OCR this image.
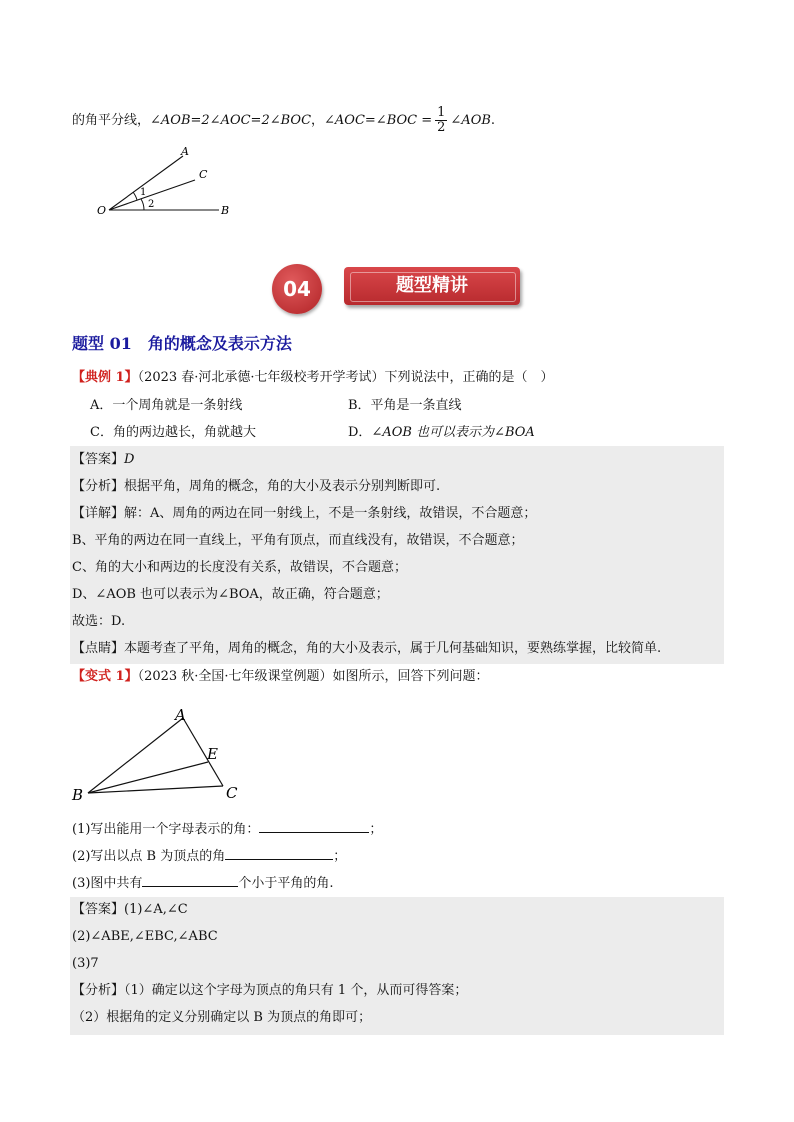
的角平分线，∠AOB=2∠AOC=2∠BOC，∠AOC=∠BOC = $\frac{1}{2}$ ∠AOB.
A
C
O	B
1
2
题型精讲
04
题型 01　角的概念及表示方法
【典例 1】（2023 春·河北承德·七年级校考开学考试）下列说法中，正确的是（　）
A．一个周角就是一条射线	B．平角是一条直线
C．角的两边越长，角就越大	D．∠AOB 也可以表示为∠BOA
【答案】D
【分析】根据平角，周角的概念，角的大小及表示分别判断即可.
【详解】解：A、周角的两边在同一射线上，不是一条射线，故错误，不合题意；
B、平角的两边在同一直线上，平角有顶点，而直线没有，故错误，不合题意；
C、角的大小和两边的长度没有关系，故错误，不合题意；
D、∠AOB 也可以表示为∠BOA，故正确，符合题意；
故选：D.
【点睛】本题考查了平角，周角的概念，角的大小及表示，属于几何基础知识，要熟练掌握，比较简单.
【变式 1】（2023 秋·全国·七年级课堂例题）如图所示，回答下列问题：
A
E
B	C
(1)写出能用一个字母表示的角：	；
(2)写出以点 B 为顶点的角	；
(3)图中共有	个小于平角的角.
【答案】(1)∠A,∠C
(2)∠ABE,∠EBC,∠ABC
(3)7
【分析】（1）确定以这个字母为顶点的角只有 1 个，从而可得答案；
（2）根据角的定义分别确定以 B 为顶点的角即可；
